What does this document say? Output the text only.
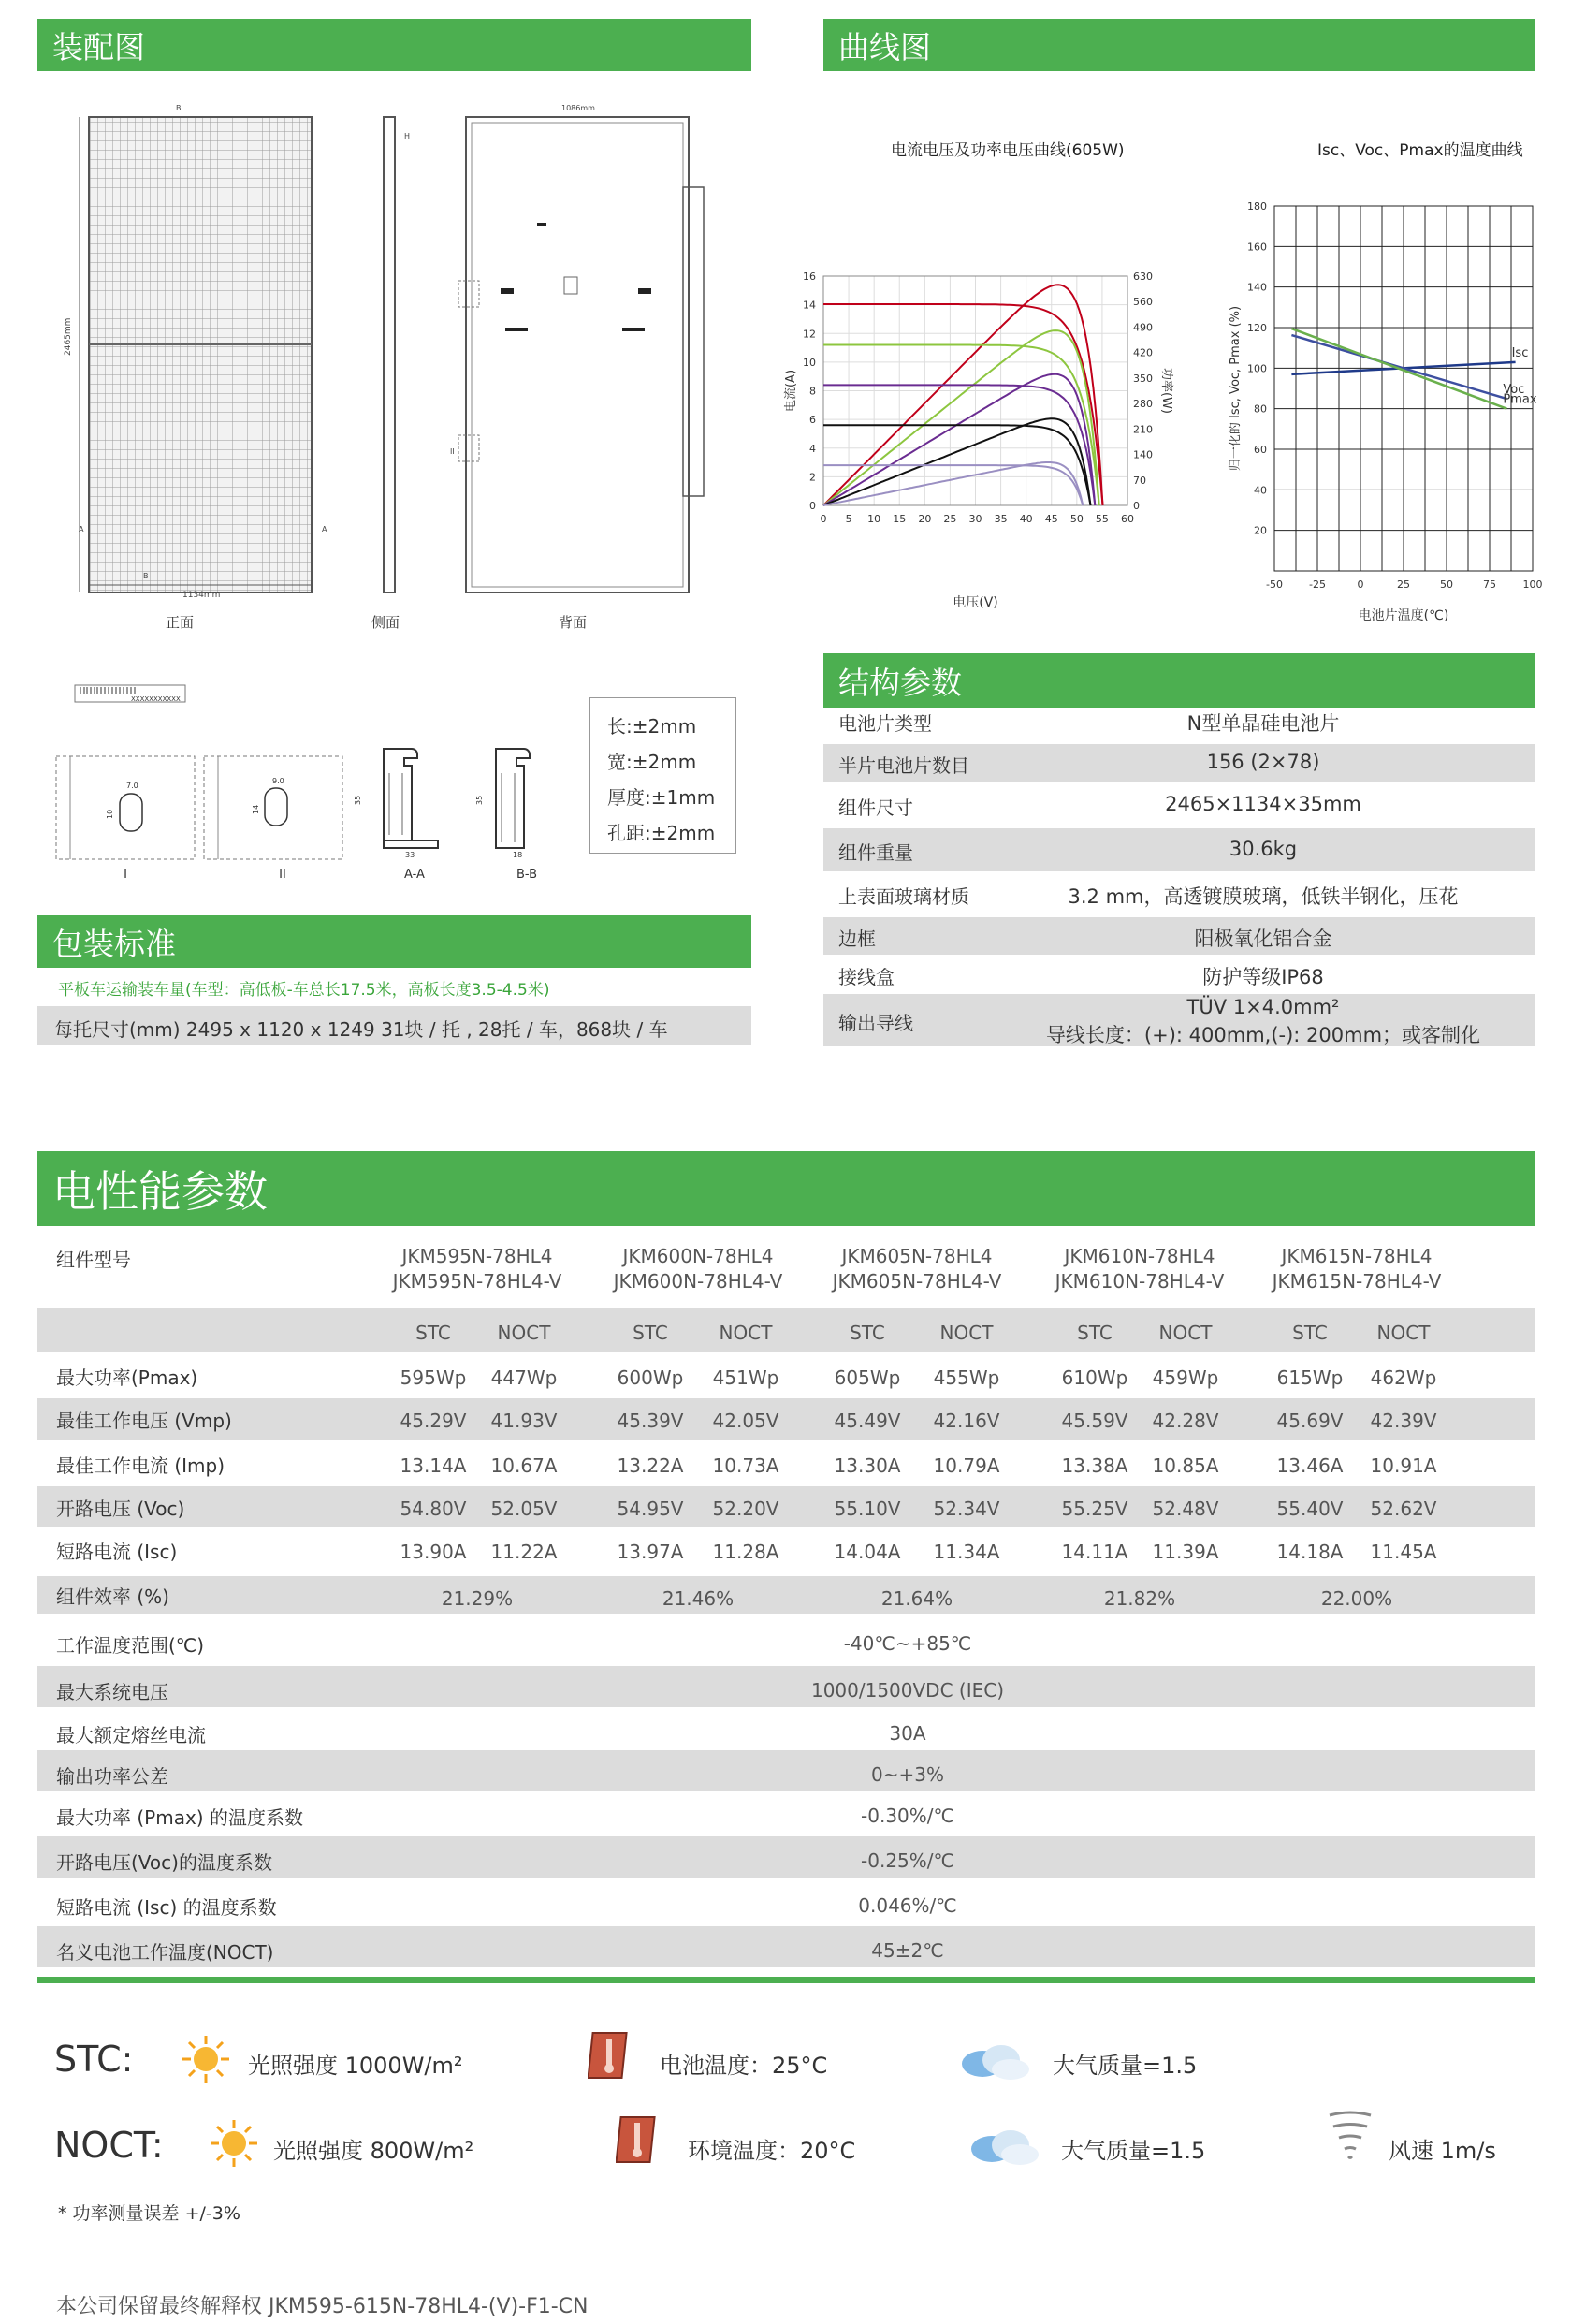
装配图	曲线图
2465mm
1134mm
B
B
A	A
正面
H
侧面
1086mm
II
背面
XXXXXXXXXXX
7.0
10
I
9.0
14
II
35
33
A-A
35
18
B-B
长:±2mm
宽:±2mm
厚度:±1mm
孔距:±2mm
包装标准
平板车运输装车量(车型：高低板-车总长17.5米，高板长度3.5-4.5米)
每托尺寸(mm) 2495 x 1120 x 1249 31块 / 托 , 28托 / 车，868块 / 车
电流电压及功率电压曲线(605W)	Isc、Voc、Pmax的温度曲线
0 5 10 15 20 25 30 35 40 45 50 55 60
0
2
4
6
8
10
12
14
16
0
70
140
210
280
350
420
490
560
630
电流(A)	功率(W)
电压(V)
20
40
60
80
100
120
140
160
180
-50	-25	0	25	50	75	100
Isc
Voc
Pmax
归一化的 Isc, Voc, Pmax (%)
电池片温度(℃)
结构参数
电池片类型	N型单晶硅电池片
半片电池片数目	156 (2×78)
组件尺寸	2465×1134×35mm
组件重量	30.6kg
上表面玻璃材质	3.2 mm，高透镀膜玻璃，低铁半钢化，压花
边框	阳极氧化铝合金
接线盒	防护等级IP68
输出导线
TÜV 1×4.0mm²
导线长度：(+): 400mm,(-): 200mm；或客制化
电性能参数
组件型号	JKM595N-78HL4
JKM595N-78HL4-V
JKM600N-78HL4
JKM600N-78HL4-V
JKM605N-78HL4
JKM605N-78HL4-V
JKM610N-78HL4
JKM610N-78HL4-V
JKM615N-78HL4
JKM615N-78HL4-V
STC	NOCT	STC	NOCT	STC	NOCT	STC	NOCT	STC	NOCT
最大功率(Pmax)	595Wp	447Wp	600Wp	451Wp	605Wp	455Wp	610Wp	459Wp	615Wp	462Wp
最佳工作电压 (Vmp)	45.29V	41.93V	45.39V	42.05V	45.49V	42.16V	45.59V	42.28V	45.69V	42.39V
最佳工作电流 (Imp)	13.14A	10.67A	13.22A	10.73A	13.30A	10.79A	13.38A	10.85A	13.46A	10.91A
开路电压 (Voc)	54.80V	52.05V	54.95V	52.20V	55.10V	52.34V	55.25V	52.48V	55.40V	52.62V
短路电流 (Isc)	13.90A	11.22A	13.97A	11.28A	14.04A	11.34A	14.11A	11.39A	14.18A	11.45A
组件效率 (%)	21.29%	21.46%	21.64%	21.82%	22.00%
工作温度范围(℃)	-40℃~+85℃
最大系统电压	1000/1500VDC (IEC)
最大额定熔丝电流	30A
输出功率公差	0~+3%
最大功率 (Pmax) 的温度系数	-0.30%/℃
开路电压(Voc)的温度系数	-0.25%/℃
短路电流 (Isc) 的温度系数	0.046%/℃
名义电池工作温度(NOCT)	45±2℃
STC:
NOCT:
光照强度 1000W/m²	电池温度：25°C	大气质量=1.5
光照强度 800W/m²	环境温度：20°C	大气质量=1.5	风速 1m/s
* 功率测量误差 +/-3%
本公司保留最终解释权 JKM595-615N-78HL4-(V)-F1-CN
